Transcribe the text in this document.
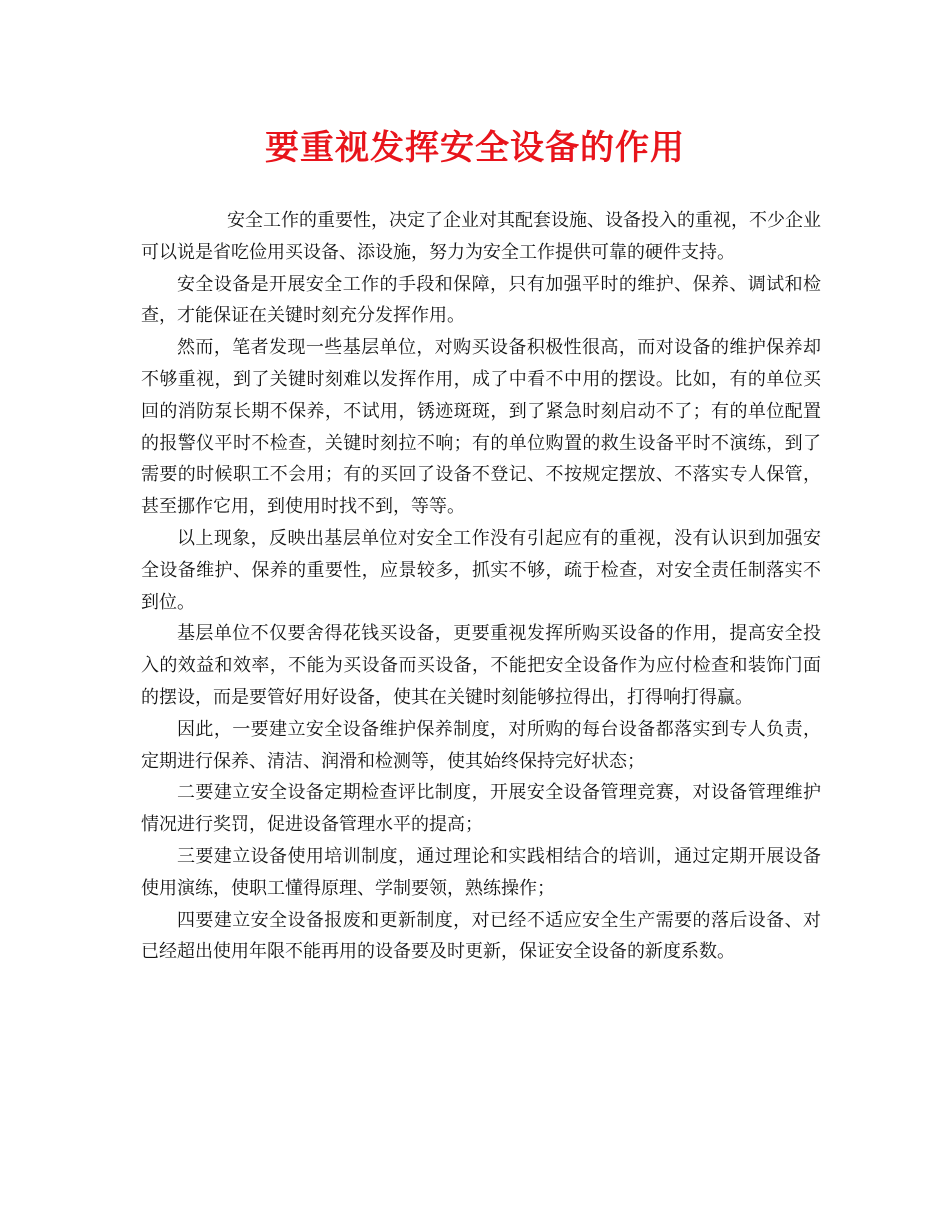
要重视发挥安全设备的作用

安全工作的重要性，决定了企业对其配套设施、设备投入的重视，不少企业可以说是省吃俭用买设备、添设施，努力为安全工作提供可靠的硬件支持。

安全设备是开展安全工作的手段和保障，只有加强平时的维护、保养、调试和检查，才能保证在关键时刻充分发挥作用。

然而，笔者发现一些基层单位，对购买设备积极性很高，而对设备的维护保养却不够重视，到了关键时刻难以发挥作用，成了中看不中用的摆设。比如，有的单位买回的消防泵长期不保养，不试用，锈迹斑斑，到了紧急时刻启动不了；有的单位配置的报警仪平时不检查，关键时刻拉不响；有的单位购置的救生设备平时不演练，到了需要的时候职工不会用；有的买回了设备不登记、不按规定摆放、不落实专人保管，甚至挪作它用，到使用时找不到，等等。

以上现象，反映出基层单位对安全工作没有引起应有的重视，没有认识到加强安全设备维护、保养的重要性，应景较多，抓实不够，疏于检查，对安全责任制落实不到位。

基层单位不仅要舍得花钱买设备，更要重视发挥所购买设备的作用，提高安全投入的效益和效率，不能为买设备而买设备，不能把安全设备作为应付检查和装饰门面的摆设，而是要管好用好设备，使其在关键时刻能够拉得出，打得响打得赢。

因此，一要建立安全设备维护保养制度，对所购的每台设备都落实到专人负责，定期进行保养、清洁、润滑和检测等，使其始终保持完好状态；

二要建立安全设备定期检查评比制度，开展安全设备管理竞赛，对设备管理维护情况进行奖罚，促进设备管理水平的提高；

三要建立设备使用培训制度，通过理论和实践相结合的培训，通过定期开展设备使用演练，使职工懂得原理、学制要领，熟练操作；

四要建立安全设备报废和更新制度，对已经不适应安全生产需要的落后设备、对已经超出使用年限不能再用的设备要及时更新，保证安全设备的新度系数。
